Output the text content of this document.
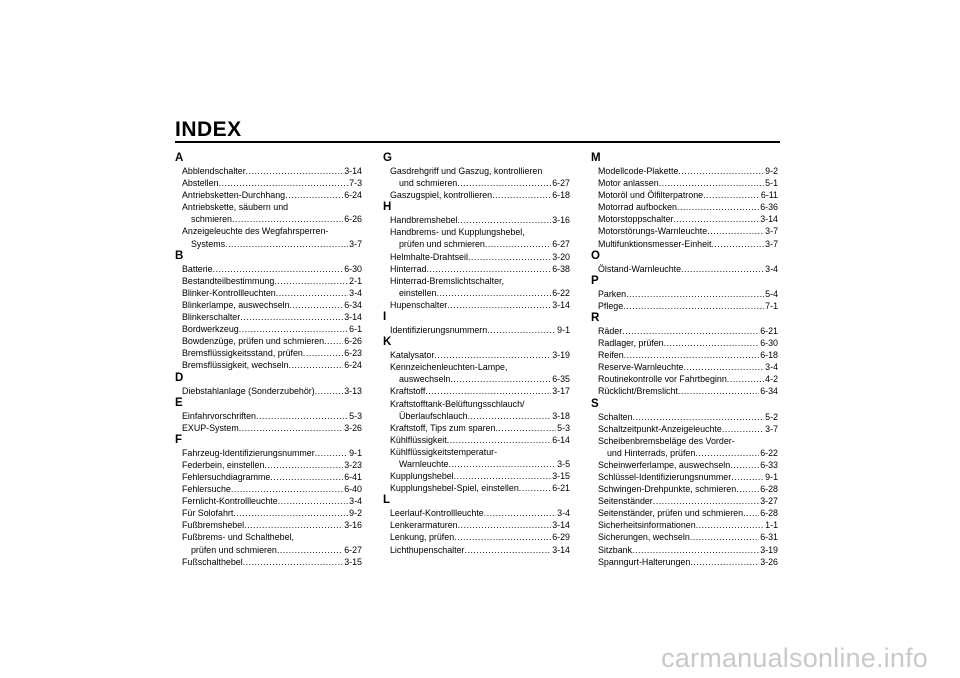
INDEX
A
Abblendschalter .....	3-14
Abstellen .....	7-3
Antriebsketten-Durchhang .....	6-24
Antriebskette, säubern und
schmieren .....	6-26
Anzeigeleuchte des Wegfahrsperren-
Systems .....	3-7
B
Batterie .....	6-30
Bestandteilbestimmung .....	2-1
Blinker-Kontrollleuchten .....	3-4
Blinkerlampe, auswechseln .....	6-34
Blinkerschalter .....	3-14
Bordwerkzeug .....	6-1
Bowdenzüge, prüfen und schmieren ..... 6-26
Bremsflüssigkeitsstand, prüfen .....	6-23
Bremsflüssigkeit, wechseln .....	6-24
D
Diebstahlanlage (Sonderzubehör) .....	3-13
E
Einfahrvorschriften .....	5-3
EXUP-System .....	3-26
F
Fahrzeug-Identifizierungsnummer .....	9-1
Federbein, einstellen .....	3-23
Fehlersuchdiagramme .....	6-41
Fehlersuche .....	6-40
Fernlicht-Kontrollleuchte .....	3-4
Für Solofahrt .....	9-2
Fußbremshebel .....	3-16
Fußbrems- und Schalthebel,
prüfen und schmieren .....	6-27
Fußschalthebel .....	3-15
G
Gasdrehgriff und Gaszug, kontrollieren
und schmieren .....	6-27
Gaszugspiel, kontrollieren .....	6-18
H
Handbremshebel .....	3-16
Handbrems- und Kupplungshebel,
prüfen und schmieren .....	6-27
Helmhalte-Drahtseil .....	3-20
Hinterrad .....	6-38
Hinterrad-Bremslichtschalter,
einstellen .....	6-22
Hupenschalter .....	3-14
I
Identifizierungsnummern .....	9-1
K
Katalysator .....	3-19
Kennzeichenleuchten-Lampe,
auswechseln .....	6-35
Kraftstoff .....	3-17
Kraftstofftank-Belüftungsschlauch/
Überlaufschlauch .....	3-18
Kraftstoff, Tips zum sparen .....	5-3
Kühlflüssigkeit .....	6-14
Kühlflüssigkeitstemperatur-
Warnleuchte .....	3-5
Kupplungshebel .....	3-15
Kupplungshebel-Spiel, einstellen .....	6-21
L
Leerlauf-Kontrollleuchte .....	3-4
Lenkerarmaturen .....	3-14
Lenkung, prüfen .....	6-29
Lichthupenschalter .....	3-14
M
Modellcode-Plakette .....	9-2
Motor anlassen .....	5-1
Motoröl und Ölfilterpatrone .....	6-11
Motorrad aufbocken .....	6-36
Motorstoppschalter .....	3-14
Motorstörungs-Warnleuchte .....	3-7
Multifunktionsmesser-Einheit .....	3-7
O
Ölstand-Warnleuchte .....	3-4
P
Parken .....	5-4
Pflege .....	7-1
R
Räder .....	6-21
Radlager, prüfen .....	6-30
Reifen .....	6-18
Reserve-Warnleuchte .....	3-4
Routinekontrolle vor Fahrtbeginn .....	4-2
Rücklicht/Bremslicht .....	6-34
S
Schalten .....	5-2
Schaltzeitpunkt-Anzeigeleuchte .....	3-7
Scheibenbremsbeläge des Vorder-
und Hinterrads, prüfen .....	6-22
Scheinwerferlampe, auswechseln .....	6-33
Schlüssel-Identifizierungsnummer .....	9-1
Schwingen-Drehpunkte, schmieren .....	6-28
Seitenständer .....	3-27
Seitenständer, prüfen und schmieren ..... 6-28
Sicherheitsinformationen .....	1-1
Sicherungen, wechseln .....	6-31
Sitzbank .....	3-19
Spanngurt-Halterungen .....	3-26
carmanualsonline.info
